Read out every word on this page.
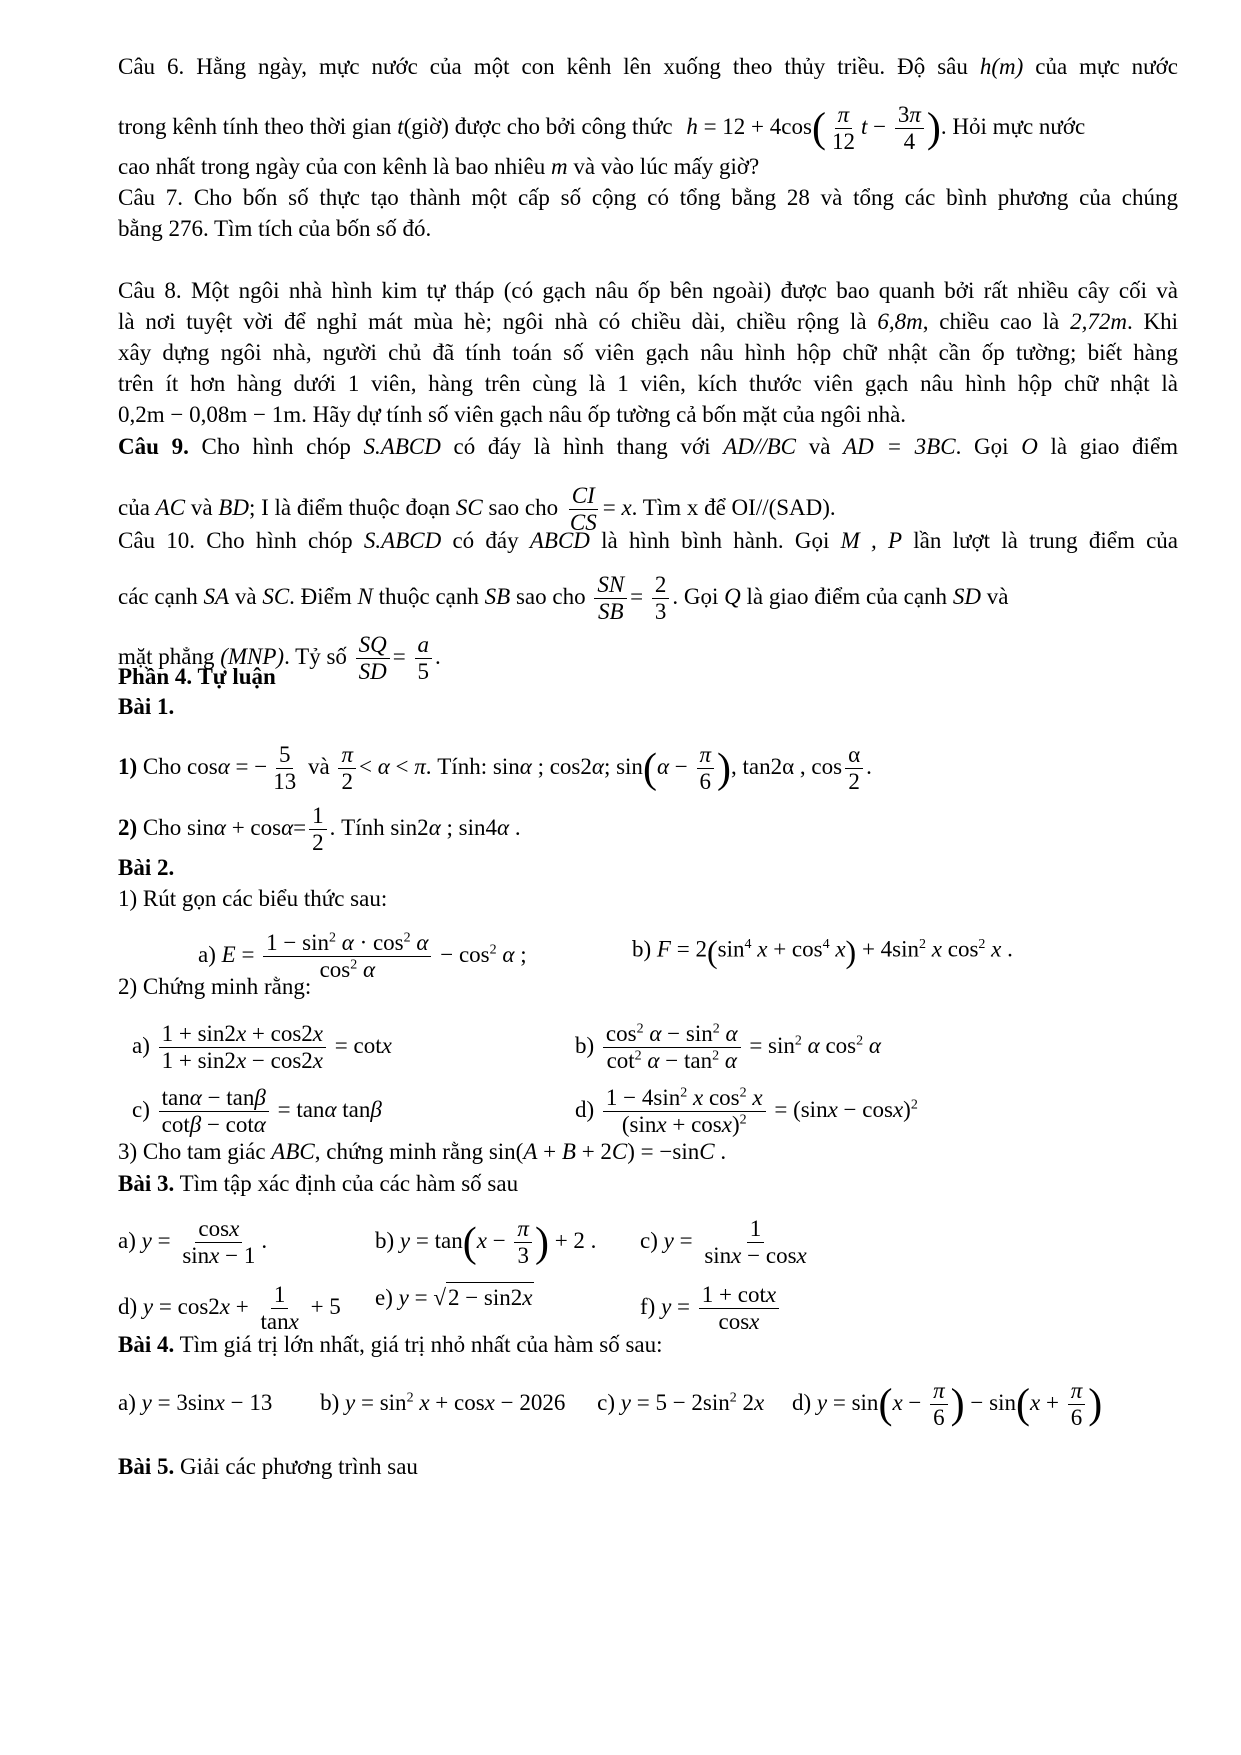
Câu 6. Hằng ngày, mực nước của một con kênh lên xuống theo thủy triều. Độ sâu h(m) của mực nước
trong kênh tính theo thời gian t(giờ) được cho bởi công thức $h = 12 + 4\cos( \frac{\pi}{12}$ $t - \frac{3\pi}{4}$ ). Hỏi mực nước
cao nhất trong ngày của con kênh là bao nhiêu m và vào lúc mấy giờ?
Câu 7. Cho bốn số thực tạo thành một cấp số cộng có tổng bằng 28 và tổng các bình phương của chúng
bằng 276. Tìm tích của bốn số đó.
Câu 8. Một ngôi nhà hình kim tự tháp (có gạch nâu ốp bên ngoài) được bao quanh bởi rất nhiều cây cối và
là nơi tuyệt vời để nghỉ mát mùa hè; ngôi nhà có chiều dài, chiều rộng là 6,8m, chiều cao là 2,72m. Khi
xây dựng ngôi nhà, người chủ đã tính toán số viên gạch nâu hình hộp chữ nhật cần ốp tường; biết hàng
trên ít hơn hàng dưới 1 viên, hàng trên cùng là 1 viên, kích thước viên gạch nâu hình hộp chữ nhật là
0,2m − 0,08m − 1m. Hãy dự tính số viên gạch nâu ốp tường cả bốn mặt của ngôi nhà.
Câu 9. Cho hình chóp S.ABCD có đáy là hình thang với AD//BC và AD = 3BC. Gọi O là giao điểm
của AC và BD; I là điểm thuộc đoạn SC sao cho $\frac{CI}{CS} = x$. Tìm x để OI//(SAD).
Câu 10. Cho hình chóp S.ABCD có đáy ABCD là hình bình hành. Gọi M , P lần lượt là trung điểm của
các cạnh SA và SC. Điểm N thuộc cạnh SB sao cho $\frac{SN}{SB} = \frac{2}{3}$ . Gọi Q là giao điểm của cạnh SD và
mặt phẳng (MNP). Tỷ số $\frac{SQ}{SD} = \frac{a}{5}$ .
Phần 4. Tự luận
Bài 1.
1) Cho cosα = − $\frac{5}{13}$ và $\frac{\pi}{2} < \alpha < \pi$. Tính: sinα ; cos2α; $\sin(\alpha - \frac{\pi}{6}$ ), tan2α , $\cos \frac{\alpha}{2}$ .
2) Cho $\sin\alpha + \cos\alpha= \frac{1}{2}$ . Tính sin2α ; sin4α .
Bài 2.
1) Rút gọn các biểu thức sau:
a) $E = \frac{1 - \sin^2 \alpha \cdot \cos^2 \alpha}{\cos^2 \alpha} - \cos^2 \alpha$ ;	b) $F = 2(\sin^4$ $x + \cos^4 x) + 4\sin^2$ x $\cos^2 x$ .
2) Chứng minh rằng:
$a) \frac{1 + \sin 2x + \cos 2x}{1 + \sin 2x - \cos 2x} = \cot x$	$b) \frac{\cos^2 \alpha - \sin^2 \alpha}{\cot^2 \alpha - \tan^2 \alpha} = \sin^2 \alpha$ $\cos^2 \alpha$
$c) \frac{\tan\alpha - \tan\beta}{\cot\beta - \cot\alpha} = \tan\alpha$ tanβ	$d) \frac{1 - 4\sin^2 x \cos^2 x}{(\sin x + \cos x)^2} = (\sin x - \cos x)^2$
3) Cho tam giác ABC, chứng minh rằng sin(A + B + 2C) = −sinC .
Bài 3. Tìm tập xác định của các hàm số sau
a) $y = \frac{\cos x}{\sin x - 1}$ .	b) $y = \tan(x - \frac{\pi}{3}$ ) + 2 . c) $y = \frac{1}{\sin x - \cos x}$
d) $y = \cos 2x + \frac{1}{\tan x} + 5$ e) y = √2 − sin2x	f) $y = \frac{1 + \cot x}{\cos x}$
Bài 4. Tìm giá trị lớn nhất, giá trị nhỏ nhất của hàm số sau:
a) y = 3sinx − 13 b) $y = \sin^2 x + \cos x - 2026$ c) $y = 5 - 2\sin^2$ 2x d) $y = \sin(x - \frac{\pi}{6}$ ) − $\sin(x + \frac{\pi}{6}$ )
Bài 5. Giải các phương trình sau
